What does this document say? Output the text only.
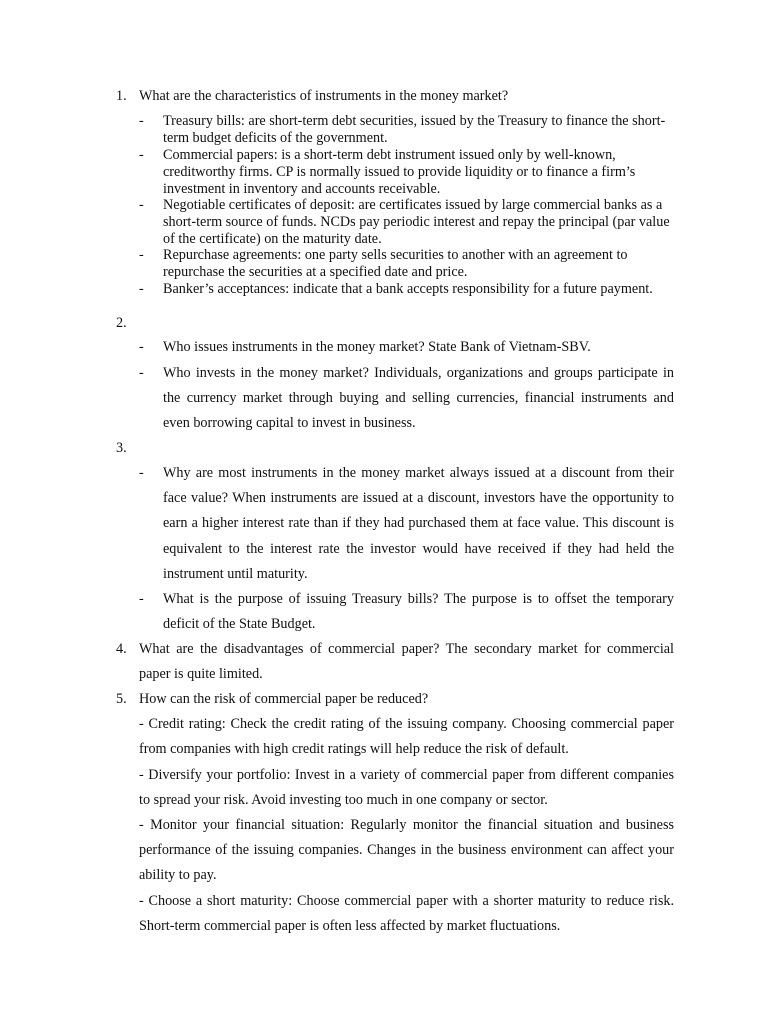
1. What are the characteristics of instruments in the money market?
- Treasury bills: are short-term debt securities, issued by the Treasury to finance the short-term budget deficits of the government.
- Commercial papers: is a short-term debt instrument issued only by well-known, creditworthy firms. CP is normally issued to provide liquidity or to finance a firm’s investment in inventory and accounts receivable.
- Negotiable certificates of deposit: are certificates issued by large commercial banks as a short-term source of funds. NCDs pay periodic interest and repay the principal (par value of the certificate) on the maturity date.
- Repurchase agreements: one party sells securities to another with an agreement to repurchase the securities at a specified date and price.
- Banker’s acceptances: indicate that a bank accepts responsibility for a future payment.
2.
- Who issues instruments in the money market? State Bank of Vietnam-SBV.
- Who invests in the money market? Individuals, organizations and groups participate in the currency market through buying and selling currencies, financial instruments and even borrowing capital to invest in business.
3.
- Why are most instruments in the money market always issued at a discount from their face value? When instruments are issued at a discount, investors have the opportunity to earn a higher interest rate than if they had purchased them at face value. This discount is equivalent to the interest rate the investor would have received if they had held the instrument until maturity.
- What is the purpose of issuing Treasury bills? The purpose is to offset the temporary deficit of the State Budget.
4. What are the disadvantages of commercial paper? The secondary market for commercial paper is quite limited.
5. How can the risk of commercial paper be reduced?
- Credit rating: Check the credit rating of the issuing company. Choosing commercial paper from companies with high credit ratings will help reduce the risk of default.
- Diversify your portfolio: Invest in a variety of commercial paper from different companies to spread your risk. Avoid investing too much in one company or sector.
- Monitor your financial situation: Regularly monitor the financial situation and business performance of the issuing companies. Changes in the business environment can affect your ability to pay.
- Choose a short maturity: Choose commercial paper with a shorter maturity to reduce risk. Short-term commercial paper is often less affected by market fluctuations.
